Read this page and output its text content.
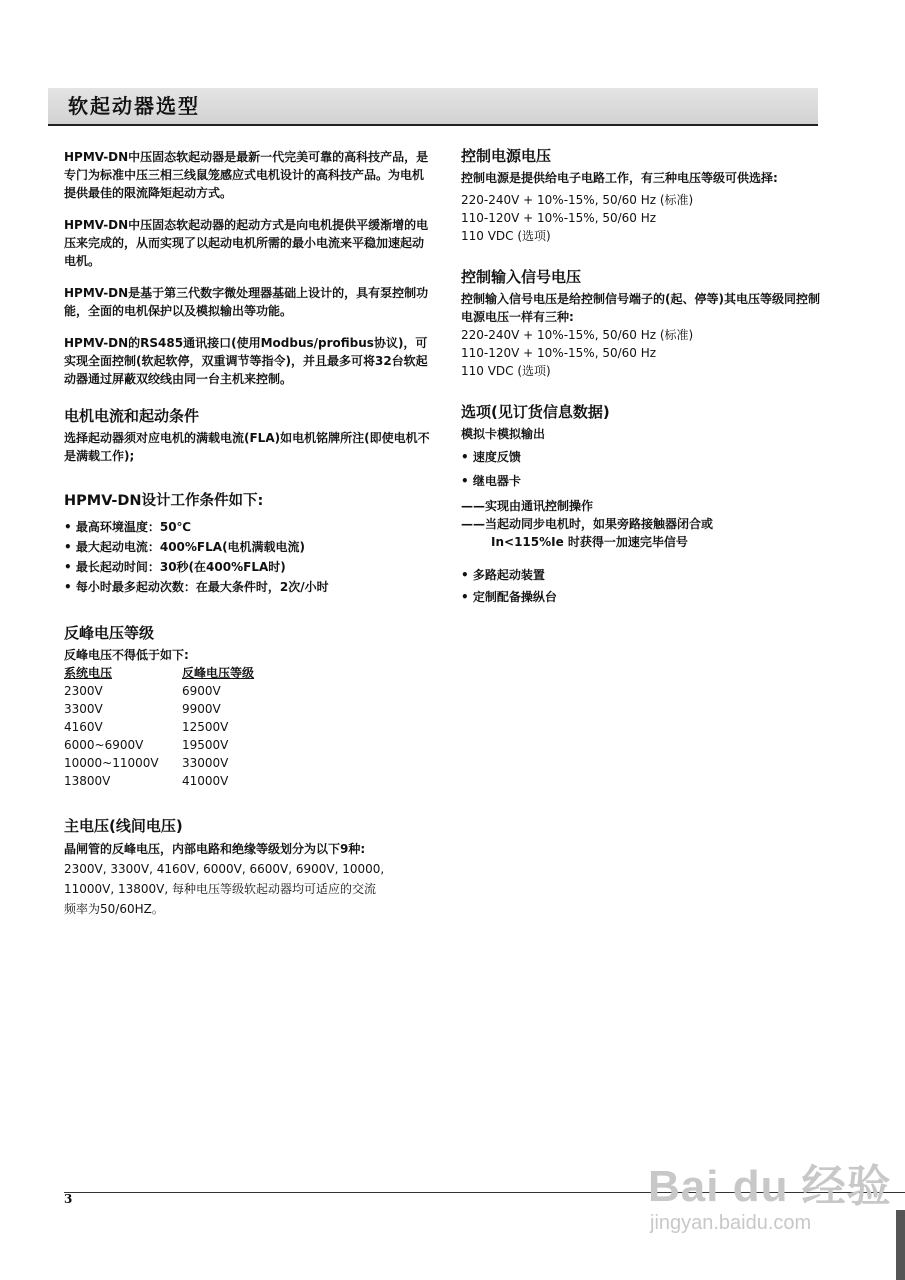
软起动器选型

HPMV-DN中压固态软起动器是最新一代完美可靠的高科技产品，是专门为标准中压三相三线鼠笼感应式电机设计的高科技产品。为电机提供最佳的限流降矩起动方式。

HPMV-DN中压固态软起动器的起动方式是向电机提供平缓渐增的电压来完成的，从而实现了以起动电机所需的最小电流来平稳加速起动电机。

HPMV-DN是基于第三代数字微处理器基础上设计的，具有泵控制功能，全面的电机保护以及模拟输出等功能。

HPMV-DN的RS485通讯接口(使用Modbus/profibus协议)，可实现全面控制(软起软停，双重调节等指令)，并且最多可将32台软起动器通过屏蔽双绞线由同一台主机来控制。

电机电流和起动条件

选择起动器须对应电机的满载电流(FLA)如电机铭牌所注(即使电机不是满载工作);

HPMV-DN设计工作条件如下:

• 最高环境温度：50℃

• 最大起动电流：400%FLA(电机满载电流)

• 最长起动时间：30秒(在400%FLA时)

• 每小时最多起动次数：在最大条件时，2次/小时

反峰电压等级

反峰电压不得低于如下:

系统电压	反峰电压等级
2300V	6900V
3300V	9900V
4160V	12500V
6000~6900V	19500V
10000~11000V	33000V
13800V	41000V
主电压(线间电压)

晶闸管的反峰电压，内部电路和绝缘等级划分为以下9种:

2300V, 3300V, 4160V, 6000V, 6600V, 6900V, 10000,

11000V, 13800V, 每种电压等级软起动器均可适应的交流

频率为50/60HZ。

控制电源电压

控制电源是提供给电子电路工作，有三种电压等级可供选择:

220-240V + 10%-15%, 50/60 Hz (标准)

110-120V + 10%-15%, 50/60 Hz

110 VDC (选项)

控制输入信号电压

控制输入信号电压是给控制信号端子的(起、停等)其电压等级同控制电源电压一样有三种:

220-240V + 10%-15%, 50/60 Hz (标准)

110-120V + 10%-15%, 50/60 Hz

110 VDC (选项)

选项(见订货信息数据)

模拟卡模拟输出

• 速度反馈

• 继电器卡

——实现由通讯控制操作

——当起动同步电机时，如果旁路接触器闭合或

In<115%Ie 时获得一加速完毕信号

• 多路起动装置

• 定制配备操纵台

3	Bai du 经验
jingyan.baidu.com
